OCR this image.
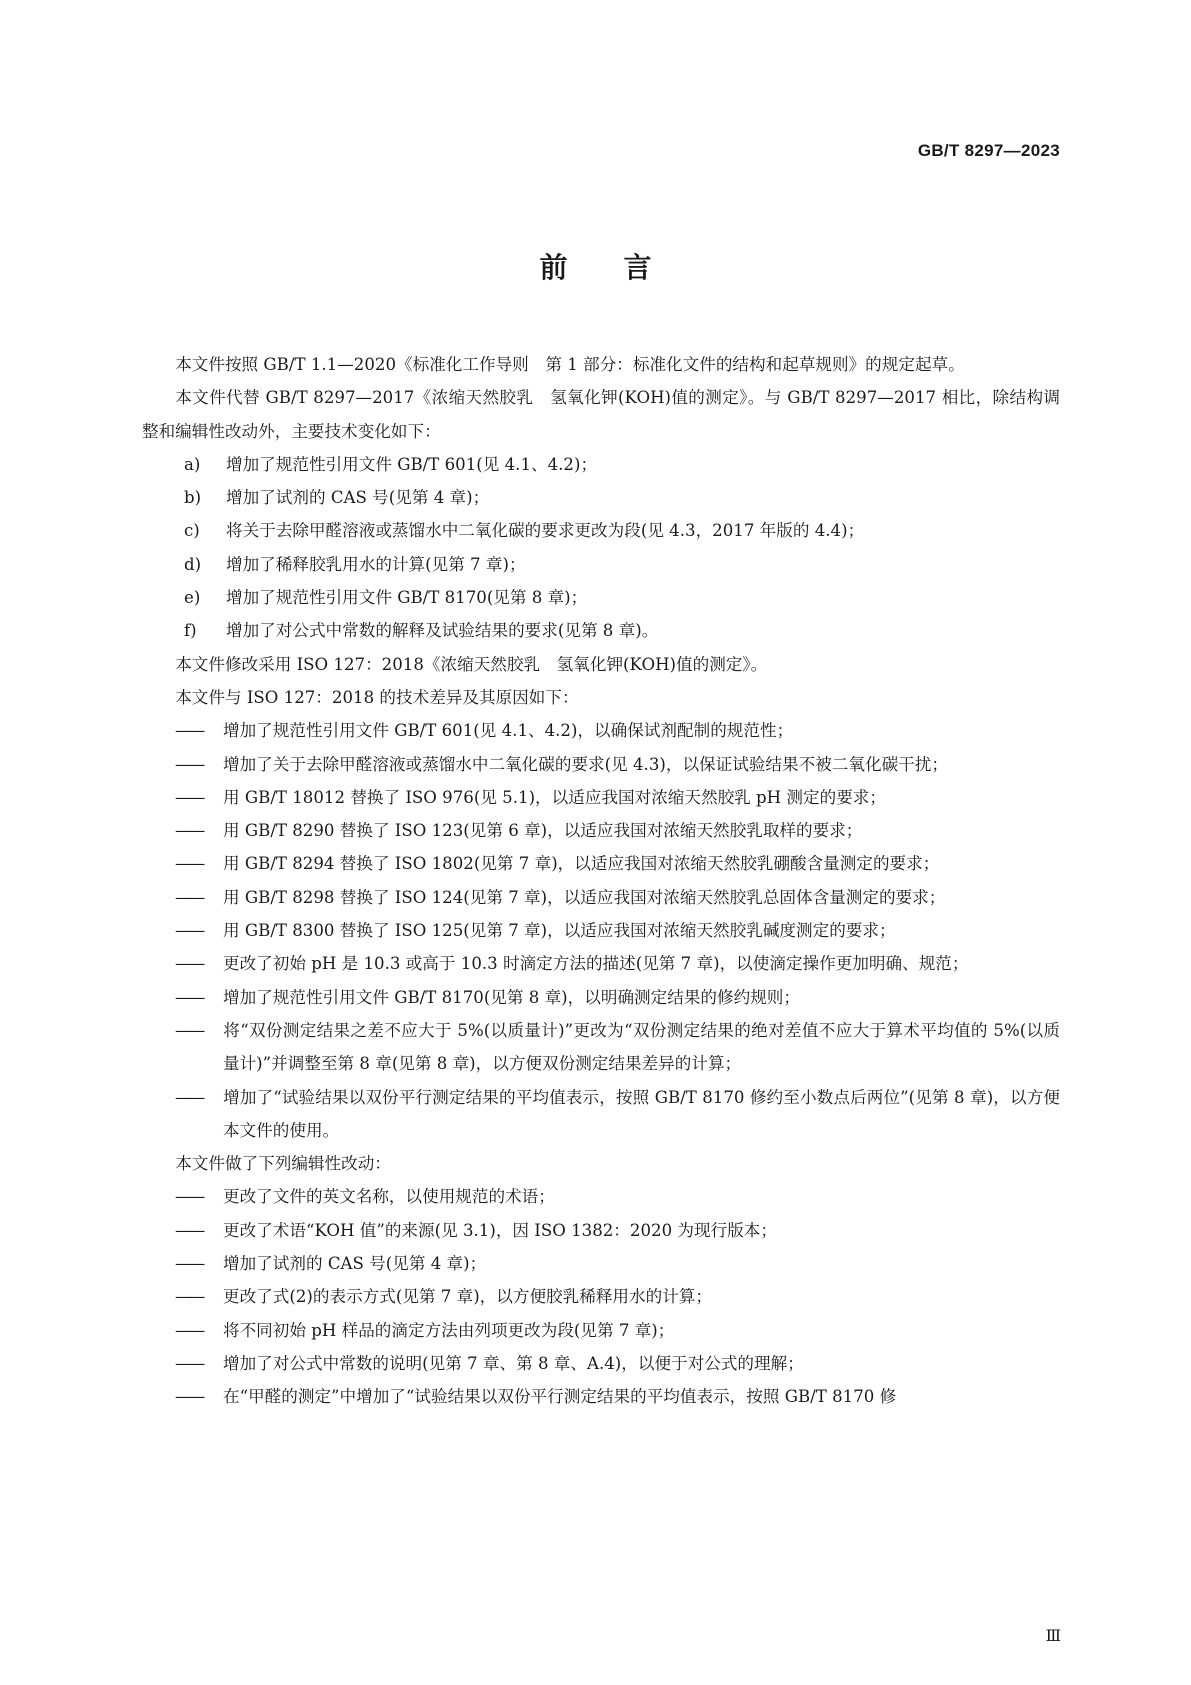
GB/T 8297—2023
前言

本文件按照 GB/T 1.1—2020《标准化工作导则　第 1 部分：标准化文件的结构和起草规则》的规定起草。

本文件代替 GB/T 8297—2017《浓缩天然胶乳　氢氧化钾(KOH)值的测定》。与 GB/T 8297—2017 相比，除结构调整和编辑性改动外，主要技术变化如下：

a) 增加了规范性引用文件 GB/T 601(见 4.1、4.2)；

b) 增加了试剂的 CAS 号(见第 4 章)；

c) 将关于去除甲醛溶液或蒸馏水中二氧化碳的要求更改为段(见 4.3，2017 年版的 4.4)；

d) 增加了稀释胶乳用水的计算(见第 7 章)；

e) 增加了规范性引用文件 GB/T 8170(见第 8 章)；

f) 增加了对公式中常数的解释及试验结果的要求(见第 8 章)。

本文件修改采用 ISO 127：2018《浓缩天然胶乳　氢氧化钾(KOH)值的测定》。

本文件与 ISO 127：2018 的技术差异及其原因如下：

—— 增加了规范性引用文件 GB/T 601(见 4.1、4.2)，以确保试剂配制的规范性；

—— 增加了关于去除甲醛溶液或蒸馏水中二氧化碳的要求(见 4.3)，以保证试验结果不被二氧化碳干扰；

—— 用 GB/T 18012 替换了 ISO 976(见 5.1)，以适应我国对浓缩天然胶乳 pH 测定的要求；

—— 用 GB/T 8290 替换了 ISO 123(见第 6 章)，以适应我国对浓缩天然胶乳取样的要求；

—— 用 GB/T 8294 替换了 ISO 1802(见第 7 章)，以适应我国对浓缩天然胶乳硼酸含量测定的要求；

—— 用 GB/T 8298 替换了 ISO 124(见第 7 章)，以适应我国对浓缩天然胶乳总固体含量测定的要求；

—— 用 GB/T 8300 替换了 ISO 125(见第 7 章)，以适应我国对浓缩天然胶乳碱度测定的要求；

—— 更改了初始 pH 是 10.3 或高于 10.3 时滴定方法的描述(见第 7 章)，以使滴定操作更加明确、规范；

—— 增加了规范性引用文件 GB/T 8170(见第 8 章)，以明确测定结果的修约规则；

—— 将“双份测定结果之差不应大于 5%(以质量计)”更改为“双份测定结果的绝对差值不应大于算术平均值的 5%(以质量计)”并调整至第 8 章(见第 8 章)，以方便双份测定结果差异的计算；

—— 增加了“试验结果以双份平行测定结果的平均值表示，按照 GB/T 8170 修约至小数点后两位”(见第 8 章)，以方便本文件的使用。

本文件做了下列编辑性改动：

—— 更改了文件的英文名称，以使用规范的术语；

—— 更改了术语“KOH 值”的来源(见 3.1)，因 ISO 1382：2020 为现行版本；

—— 增加了试剂的 CAS 号(见第 4 章)；

—— 更改了式(2)的表示方式(见第 7 章)，以方便胶乳稀释用水的计算；

—— 将不同初始 pH 样品的滴定方法由列项更改为段(见第 7 章)；

—— 增加了对公式中常数的说明(见第 7 章、第 8 章、A.4)，以便于对公式的理解；

—— 在“甲醛的测定”中增加了“试验结果以双份平行测定结果的平均值表示，按照 GB/T 8170 修

Ⅲ
